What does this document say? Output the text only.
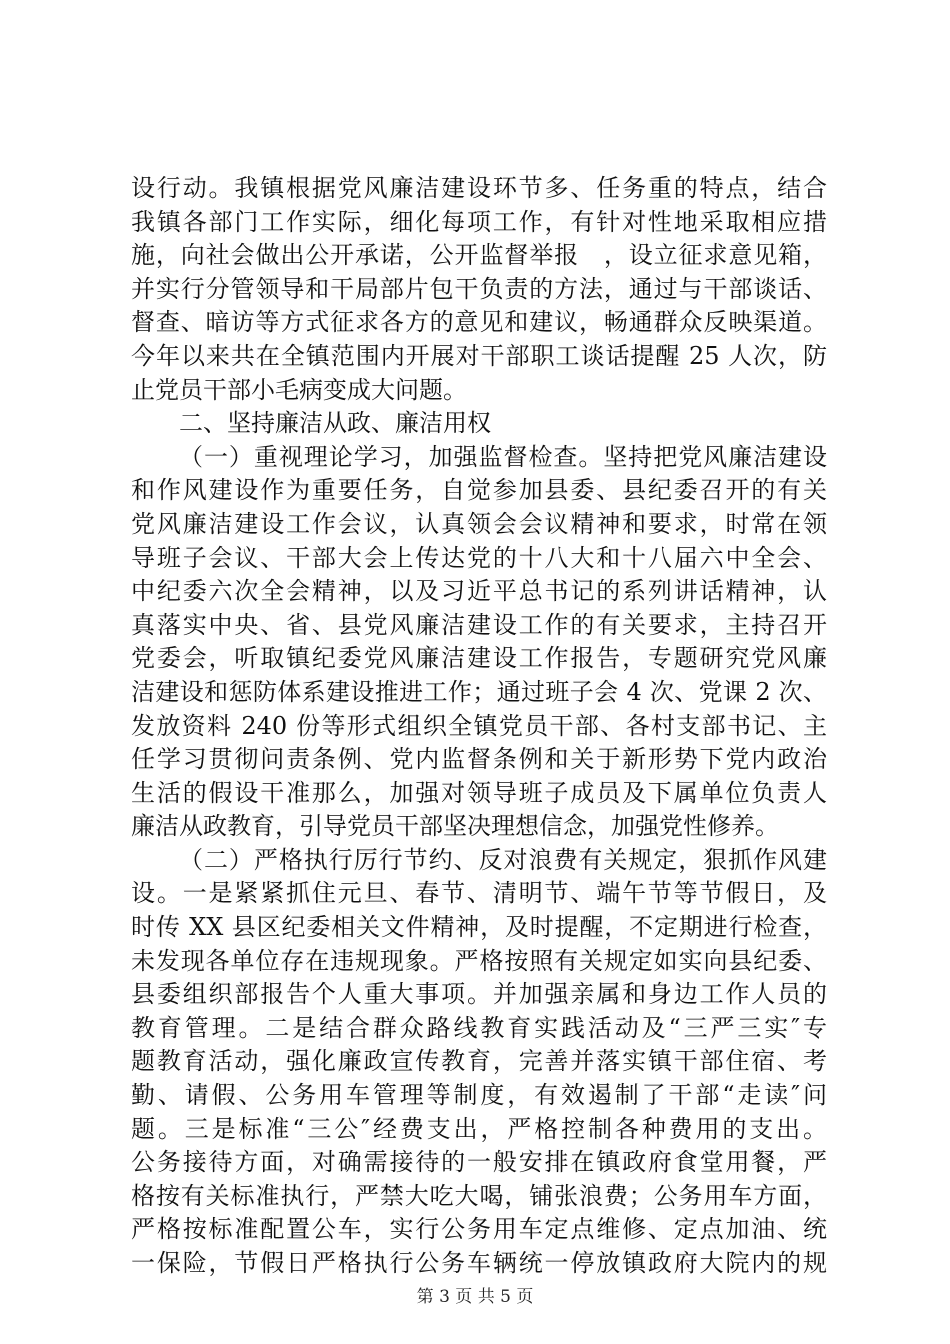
设行动。我镇根据党风廉洁建设环节多、任务重的特点，结合
我镇各部门工作实际，细化每项工作，有针对性地采取相应措
施，向社会做出公开承诺，公开监督举报　，设立征求意见箱，
并实行分管领导和干局部片包干负责的方法，通过与干部谈话、
督查、暗访等方式征求各方的意见和建议，畅通群众反映渠道。
今年以来共在全镇范围内开展对干部职工谈话提醒 25 人次，防
止党员干部小毛病变成大问题。
二、坚持廉洁从政、廉洁用权
（一）重视理论学习，加强监督检查。坚持把党风廉洁建设
和作风建设作为重要任务，自觉参加县委、县纪委召开的有关
党风廉洁建设工作会议，认真领会会议精神和要求，时常在领
导班子会议、干部大会上传达党的十八大和十八届六中全会、
中纪委六次全会精神，以及习近平总书记的系列讲话精神，认
真落实中央、省、县党风廉洁建设工作的有关要求，主持召开
党委会，听取镇纪委党风廉洁建设工作报告，专题研究党风廉
洁建设和惩防体系建设推进工作；通过班子会 4 次、党课 2 次、
发放资料 240 份等形式组织全镇党员干部、各村支部书记、主
任学习贯彻问责条例、党内监督条例和关于新形势下党内政治
生活的假设干准那么，加强对领导班子成员及下属单位负责人
廉洁从政教育，引导党员干部坚决理想信念，加强党性修养。
（二）严格执行厉行节约、反对浪费有关规定，狠抓作风建
设。一是紧紧抓住元旦、春节、清明节、端午节等节假日，及
时传 XX 县区纪委相关文件精神，及时提醒，不定期进行检查，
未发现各单位存在违规现象。严格按照有关规定如实向县纪委、
县委组织部报告个人重大事项。并加强亲属和身边工作人员的
教育管理。二是结合群众路线教育实践活动及“三严三实″专
题教育活动，强化廉政宣传教育，完善并落实镇干部住宿、考
勤、请假、公务用车管理等制度，有效遏制了干部“走读″问
题。三是标准“三公″经费支出，严格控制各种费用的支出。
公务接待方面，对确需接待的一般安排在镇政府食堂用餐，严
格按有关标准执行，严禁大吃大喝，铺张浪费；公务用车方面，
严格按标准配置公车，实行公务用车定点维修、定点加油、统
一保险，节假日严格执行公务车辆统一停放镇政府大院内的规
第 3 页 共 5 页
